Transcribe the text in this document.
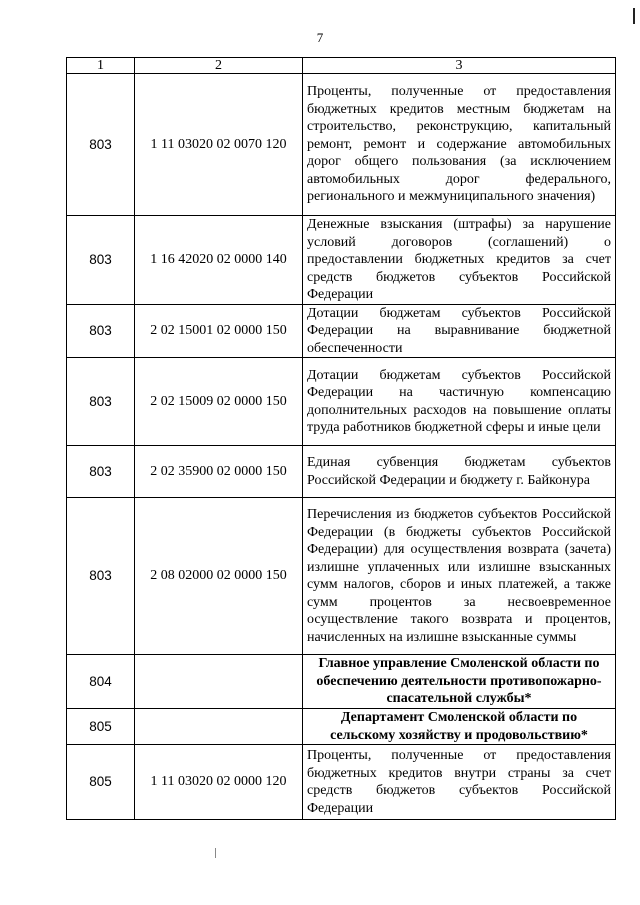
7
1	2	3
803	1 11 03020 02 0070 120	Проценты, полученные от предоставления бюджетных кредитов местным бюджетам на строительство, реконструкцию, капитальный ремонт, ремонт и содержание автомобильных дорог общего пользования (за исключением автомобильных дорог федерального, регионального и межмуниципального значения)
803	1 16 42020 02 0000 140	Денежные взыскания (штрафы) за нарушение условий договоров (соглашений) о предоставлении бюджетных кредитов за счет средств бюджетов субъектов Российской Федерации
803	2 02 15001 02 0000 150	Дотации бюджетам субъектов Российской Федерации на выравнивание бюджетной обеспеченности
803	2 02 15009 02 0000 150	Дотации бюджетам субъектов Российской Федерации на частичную компенсацию дополнительных расходов на повышение оплаты труда работников бюджетной сферы и иные цели
803	2 02 35900 02 0000 150	Единая субвенция бюджетам субъектов Российской Федерации и бюджету г. Байконура
803	2 08 02000 02 0000 150	Перечисления из бюджетов субъектов Российской Федерации (в бюджеты субъектов Российской Федерации) для осуществления возврата (зачета) излишне уплаченных или излишне взысканных сумм налогов, сборов и иных платежей, а также сумм процентов за несвоевременное осуществление такого возврата и процентов, начисленных на излишне взысканные суммы
804		Главное управление Смоленской области по обеспечению деятельности противопожарно-спасательной службы*
805		Департамент Смоленской области по сельскому хозяйству и продовольствию*
805	1 11 03020 02 0000 120	Проценты, полученные от предоставления бюджетных кредитов внутри страны за счет средств бюджетов субъектов Российской Федерации
